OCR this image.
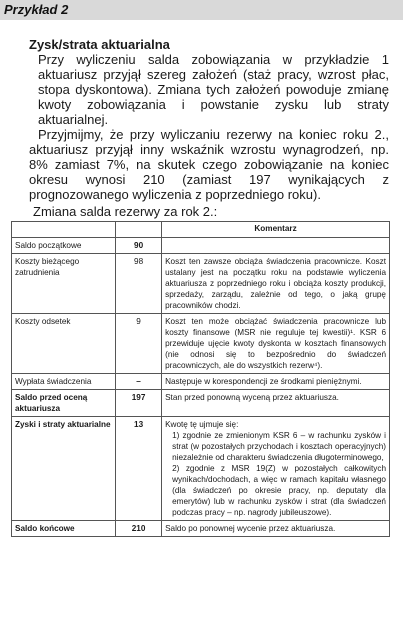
Przykład 2

Zysk/strata aktuarialna

Przy wyliczeniu salda zobowiązania w przykładzie 1 aktuariusz przyjął szereg założeń (staż pracy, wzrost płac, stopa dyskontowa). Zmiana tych założeń powoduje zmianę kwoty zobowiązania i powstanie zysku lub straty aktuarialnej.

Przyjmijmy, że przy wyliczaniu rezerwy na koniec roku 2., aktuariusz przyjął inny wskaźnik wzrostu wynagrodzeń, np. 8% zamiast 7%, na skutek czego zobowiązanie na koniec okresu wynosi 210 (zamiast 197 wynikających z prognozowanego wyliczenia z poprzedniego roku).

Zmiana salda rezerwy za rok 2.:
		Komentarz
Saldo początkowe	90	
Koszty bieżącego zatrudnienia	98	Koszt ten zawsze obciąża świadczenia pracownicze. Koszt ustalany jest na początku roku na podstawie wyliczenia aktuariusza z poprzedniego roku i obciąża koszty produkcji, sprzedaży, zarządu, zależnie od tego, o jaką grupę pracowników chodzi.
Koszty odsetek	9	Koszt ten może obciążać świadczenia pracownicze lub koszty finansowe (MSR nie reguluje tej kwestii)¹. KSR 6 przewiduje ujęcie kwoty dyskonta w kosztach finansowych (nie odnosi się to bezpośrednio do świadczeń pracowniczych, ale do wszystkich rezerw⁴).
Wypłata świadczenia	–	Następuje w korespondencji ze środkami pieniężnymi.
Saldo przed oceną aktuariusza	197	Stan przed ponowną wyceną przez aktuariusza.
Zyski i straty aktuarialne	13	Kwotę tę ujmuje się:
1) zgodnie ze zmienionym KSR 6 – w rachunku zysków i strat (w pozostałych przychodach i kosztach operacyjnych) niezależnie od charakteru świadczenia długoterminowego,
2) zgodnie z MSR 19(Z) w pozostałych całkowitych wynikach/dochodach, a więc w ramach kapitału własnego (dla świadczeń po okresie pracy, np. deputaty dla emerytów) lub w rachunku zysków i strat (dla świadczeń podczas pracy – np. nagrody jubileuszowe).

Saldo końcowe	210	Saldo po ponownej wycenie przez aktuariusza.
